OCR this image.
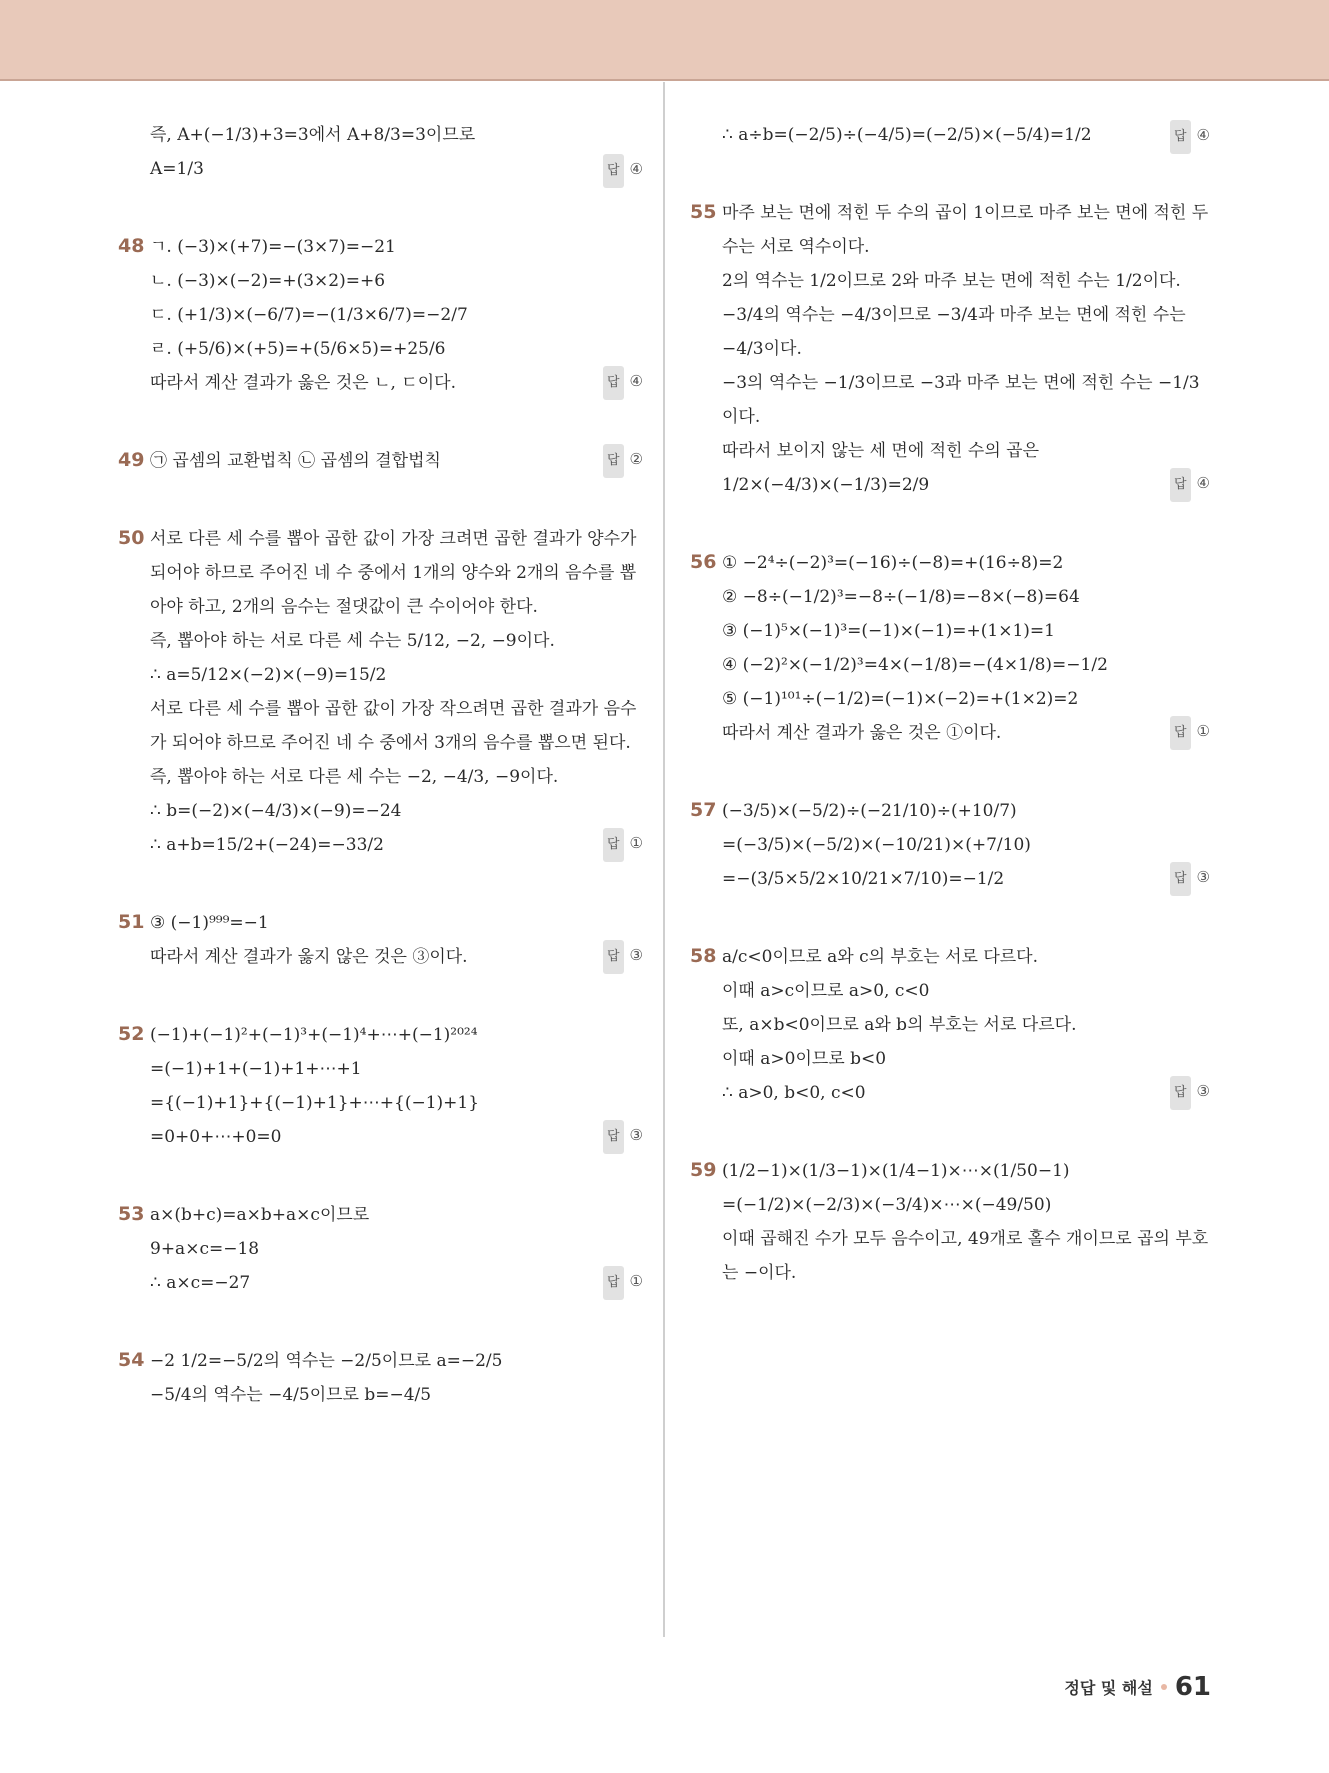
즉, A+(−1/3)+3=3에서 A+8/3=3이므로
A=1/3	답 ④
48 ㄱ. (−3)×(+7)=−(3×7)=−21
ㄴ. (−3)×(−2)=+(3×2)=+6
ㄷ. (+1/3)×(−6/7)=−(1/3×6/7)=−2/7
ㄹ. (+5/6)×(+5)=+(5/6×5)=+25/6
따라서 계산 결과가 옳은 것은 ㄴ, ㄷ이다.	답 ④
49 ㉠ 곱셈의 교환법칙 ㉡ 곱셈의 결합법칙	답 ②
50 서로 다른 세 수를 뽑아 곱한 값이 가장 크려면 곱한 결과가 양수가 되어야 하므로 주어진 네 수 중에서 1개의 양수와 2개의 음수를 뽑아야 하고, 2개의 음수는 절댓값이 큰 수이어야 한다.
즉, 뽑아야 하는 서로 다른 세 수는 5/12, −2, −9이다.
∴ a=5/12×(−2)×(−9)=15/2
서로 다른 세 수를 뽑아 곱한 값이 가장 작으려면 곱한 결과가 음수가 되어야 하므로 주어진 네 수 중에서 3개의 음수를 뽑으면 된다.
즉, 뽑아야 하는 서로 다른 세 수는 −2, −4/3, −9이다.
∴ b=(−2)×(−4/3)×(−9)=−24
∴ a+b=15/2+(−24)=−33/2	답 ①
51 ③ (−1)⁹⁹⁹=−1
따라서 계산 결과가 옳지 않은 것은 ③이다.	답 ③
52 (−1)+(−1)²+(−1)³+(−1)⁴+⋯+(−1)²⁰²⁴
=(−1)+1+(−1)+1+⋯+1
={(−1)+1}+{(−1)+1}+⋯+{(−1)+1}
=0+0+⋯+0=0	답 ③
53 a×(b+c)=a×b+a×c이므로
9+a×c=−18
∴ a×c=−27	답 ①
54 −2 1/2=−5/2의 역수는 −2/5이므로 a=−2/5
−5/4의 역수는 −4/5이므로 b=−4/5
∴ a÷b=(−2/5)÷(−4/5)=(−2/5)×(−5/4)=1/2	답 ④
55 마주 보는 면에 적힌 두 수의 곱이 1이므로 마주 보는 면에 적힌 두 수는 서로 역수이다.
2의 역수는 1/2이므로 2와 마주 보는 면에 적힌 수는 1/2이다.
−3/4의 역수는 −4/3이므로 −3/4과 마주 보는 면에 적힌 수는 −4/3이다.
−3의 역수는 −1/3이므로 −3과 마주 보는 면에 적힌 수는 −1/3이다.
따라서 보이지 않는 세 면에 적힌 수의 곱은
1/2×(−4/3)×(−1/3)=2/9	답 ④
56 ① −2⁴÷(−2)³=(−16)÷(−8)=+(16÷8)=2
② −8÷(−1/2)³=−8÷(−1/8)=−8×(−8)=64
③ (−1)⁵×(−1)³=(−1)×(−1)=+(1×1)=1
④ (−2)²×(−1/2)³=4×(−1/8)=−(4×1/8)=−1/2
⑤ (−1)¹⁰¹÷(−1/2)=(−1)×(−2)=+(1×2)=2
따라서 계산 결과가 옳은 것은 ①이다.	답 ①
57 (−3/5)×(−5/2)÷(−21/10)÷(+10/7)
=(−3/5)×(−5/2)×(−10/21)×(+7/10)
=−(3/5×5/2×10/21×7/10)=−1/2	답 ③
58 a/c<0이므로 a와 c의 부호는 서로 다르다.
이때 a>c이므로 a>0, c<0
또, a×b<0이므로 a와 b의 부호는 서로 다르다.
이때 a>0이므로 b<0
∴ a>0, b<0, c<0	답 ③
59 (1/2−1)×(1/3−1)×(1/4−1)×⋯×(1/50−1)
=(−1/2)×(−2/3)×(−3/4)×⋯×(−49/50)
이때 곱해진 수가 모두 음수이고, 49개로 홀수 개이므로 곱의 부호는 −이다.
정답 및 해설 61
